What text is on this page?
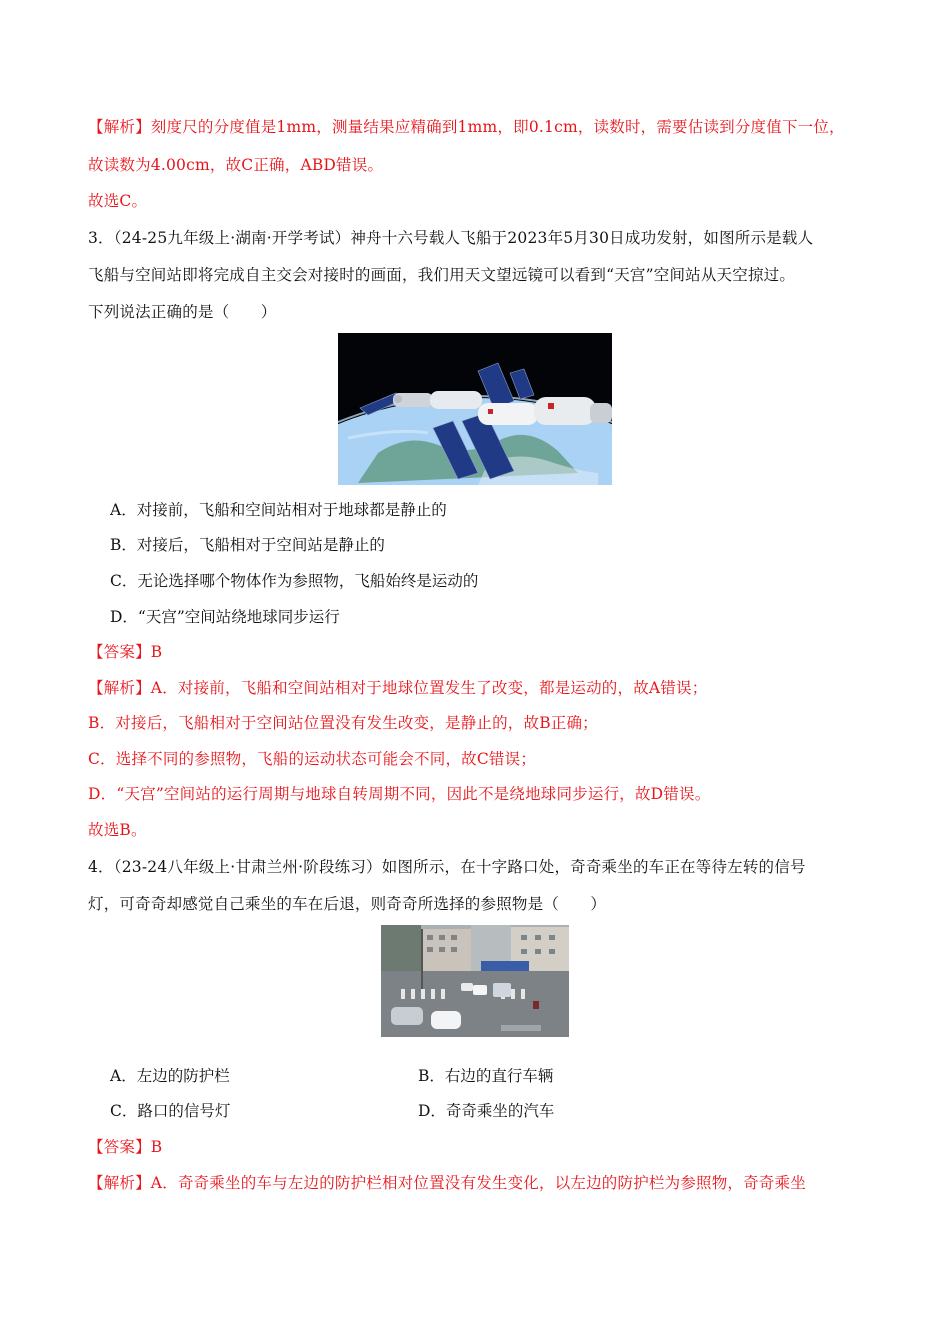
【解析】刻度尺的分度值是1mm，测量结果应精确到1mm，即0.1cm，读数时，需要估读到分度值下一位，
故读数为4.00cm，故C正确，ABD错误。
故选C。
3．（24-25九年级上·湖南·开学考试）神舟十六号载人飞船于2023年5月30日成功发射，如图所示是载人
飞船与空间站即将完成自主交会对接时的画面，我们用天文望远镜可以看到“天宫”空间站从天空掠过。
下列说法正确的是（　　）
A．对接前，飞船和空间站相对于地球都是静止的
B．对接后，飞船相对于空间站是静止的
C．无论选择哪个物体作为参照物，飞船始终是运动的
D．“天宫”空间站绕地球同步运行
【答案】B
【解析】A．对接前，飞船和空间站相对于地球位置发生了改变，都是运动的，故A错误；
B．对接后，飞船相对于空间站位置没有发生改变，是静止的，故B正确；
C．选择不同的参照物，飞船的运动状态可能会不同，故C错误；
D．“天宫”空间站的运行周期与地球自转周期不同，因此不是绕地球同步运行，故D错误。
故选B。
4．（23-24八年级上·甘肃兰州·阶段练习）如图所示，在十字路口处，奇奇乘坐的车正在等待左转的信号
灯，可奇奇却感觉自己乘坐的车在后退，则奇奇所选择的参照物是（　　）
A．左边的防护栏	B．右边的直行车辆
C．路口的信号灯	D．奇奇乘坐的汽车
【答案】B
【解析】A．奇奇乘坐的车与左边的防护栏相对位置没有发生变化，以左边的防护栏为参照物，奇奇乘坐
